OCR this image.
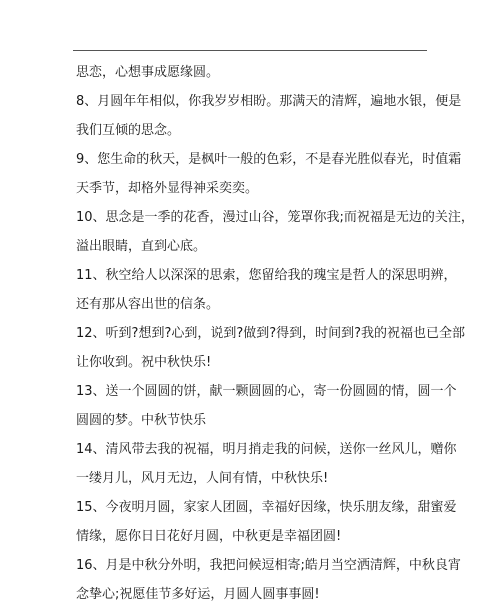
思恋，心想事成愿缘圆。
8、月圆年年相似，你我岁岁相盼。那满天的清辉，遍地水银，便是
我们互倾的思念。
9、您生命的秋天，是枫叶一般的色彩，不是春光胜似春光，时值霜
天季节，却格外显得神采奕奕。
10、思念是一季的花香，漫过山谷，笼罩你我;而祝福是无边的关注，
溢出眼睛，直到心底。
11、秋空给人以深深的思索，您留给我的瑰宝是哲人的深思明辨，
还有那从容出世的信条。
12、听到?想到?心到，说到?做到?得到，时间到?我的祝福也已全部
让你收到。祝中秋快乐!
13、送一个圆圆的饼，献一颗圆圆的心，寄一份圆圆的情，圆一个
圆圆的梦。中秋节快乐
14、清风带去我的祝福，明月捎走我的问候，送你一丝风儿，赠你
一缕月儿，风月无边，人间有情，中秋快乐!
15、今夜明月圆，家家人团圆，幸福好因缘，快乐朋友缘，甜蜜爱
情缘，愿你日日花好月圆，中秋更是幸福团圆!
16、月是中秋分外明，我把问候逗相寄;皓月当空洒清辉，中秋良宵
念挚心;祝愿佳节多好运，月圆人圆事事圆!
